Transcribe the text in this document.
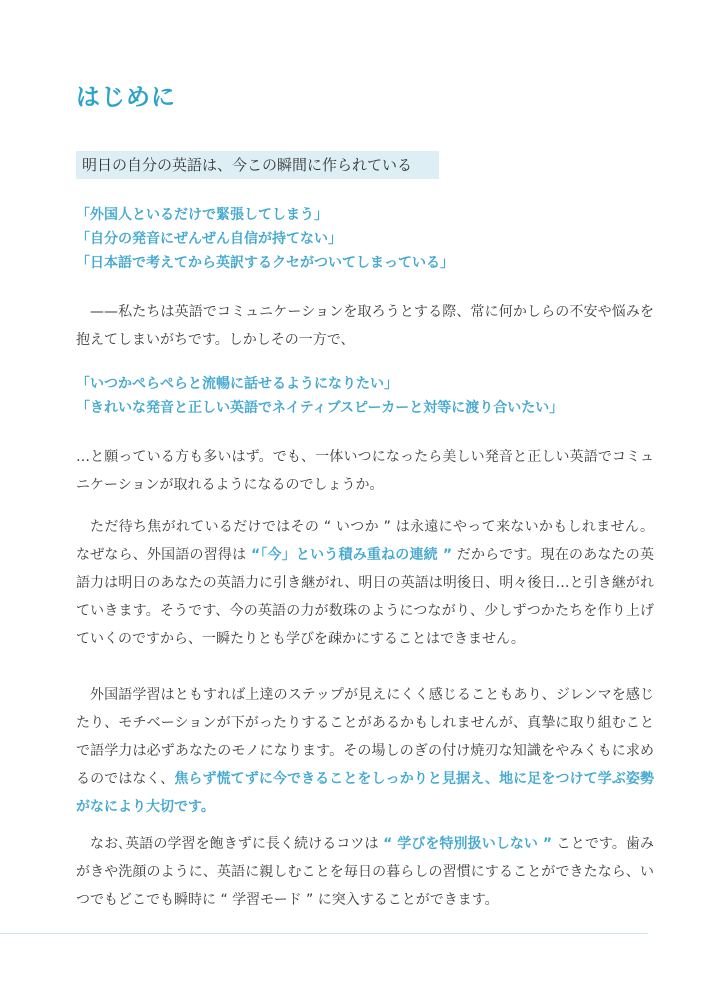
はじめに
明日の自分の英語は、今この瞬間に作られている
「外国人といるだけで緊張してしまう」
「自分の発音にぜんぜん自信が持てない」
「日本語で考えてから英訳するクセがついてしまっている」

——私たちは英語でコミュニケーションを取ろうとする際、常に何かしらの不安や悩みを抱えてしまいがちです。しかしその一方で、

「いつかぺらぺらと流暢に話せるようになりたい」
「きれいな発音と正しい英語でネイティブスピーカーと対等に渡り合いたい」

…と願っている方も多いはず。でも、一体いつになったら美しい発音と正しい英語でコミュニケーションが取れるようになるのでしょうか。

ただ待ち焦がれているだけではその “ いつか ” は永遠にやって来ないかもしれません。なぜなら、外国語の習得は “「今」という積み重ねの連続 ” だからです。現在のあなたの英語力は明日のあなたの英語力に引き継がれ、明日の英語は明後日、明々後日…と引き継がれていきます。そうです、今の英語の力が数珠のようにつながり、少しずつかたちを作り上げていくのですから、一瞬たりとも学びを疎かにすることはできません。

外国語学習はともすれば上達のステップが見えにくく感じることもあり、ジレンマを感じたり、モチベーションが下がったりすることがあるかもしれませんが、真摯に取り組むことで語学力は必ずあなたのモノになります。その場しのぎの付け焼刃な知識をやみくもに求めるのではなく、焦らず慌てずに今できることをしっかりと見据え、地に足をつけて学ぶ姿勢がなにより大切です。

なお､英語の学習を飽きずに長く続けるコツは “ 学びを特別扱いしない ” ことです。歯みがきや洗顔のように、英語に親しむことを毎日の暮らしの習慣にすることができたなら、いつでもどこでも瞬時に “ 学習モード ” に突入することができます。
